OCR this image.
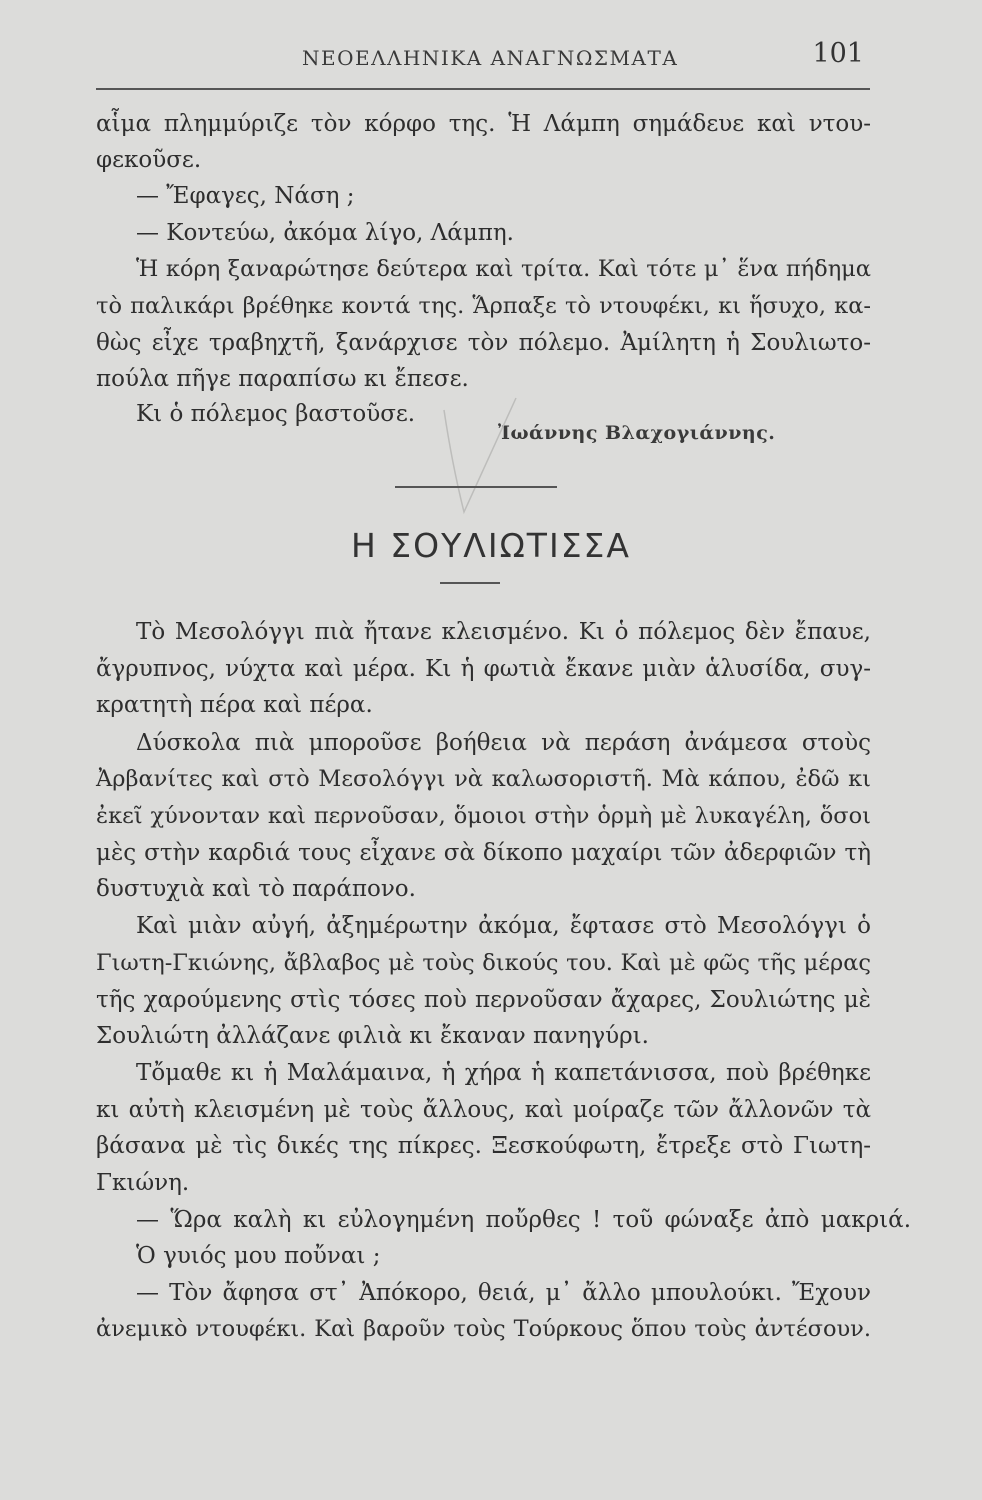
ΝΕΟΕΛΛΗΝΙΚΑ ΑΝΑΓΝΩΣΜΑΤΑ	101
αἷμα πλημμύριζε τὸν κόρφο της. Ἡ Λάμπη σημάδευε καὶ ντου-
φεκοῦσε.
— Ἔφαγες, Νάση ;
— Κοντεύω, ἀκόμα λίγο, Λάμπη.
Ἡ κόρη ξαναρώτησε δεύτερα καὶ τρίτα. Καὶ τότε μ᾿ ἕνα πήδημα
τὸ παλικάρι βρέθηκε κοντά της. Ἅρπαξε τὸ ντουφέκι, κι ἥσυχο, κα-
θὼς εἶχε τραβηχτῆ, ξανάρχισε τὸν πόλεμο. Ἀμίλητη ἡ Σουλιωτο-
πούλα πῆγε παραπίσω κι ἔπεσε.
Κι ὁ πόλεμος βαστοῦσε.
Ἰωάννης Βλαχογιάννης.
Η ΣΟΥΛΙΩΤΙΣΣΑ
Τὸ Μεσολόγγι πιὰ ἤτανε κλεισμένο. Κι ὁ πόλεμος δὲν ἔπαυε,
ἄγρυπνος, νύχτα καὶ μέρα. Κι ἡ φωτιὰ ἔκανε μιὰν ἁλυσίδα, συγ-
κρατητὴ πέρα καὶ πέρα.
Δύσκολα πιὰ μποροῦσε βοήθεια νὰ περάση ἀνάμεσα στοὺς
Ἀρβανίτες καὶ στὸ Μεσολόγγι νὰ καλωσοριστῆ. Μὰ κάπου, ἐδῶ κι
ἐκεῖ χύνονταν καὶ περνοῦσαν, ὅμοιοι στὴν ὁρμὴ μὲ λυκαγέλη, ὅσοι
μὲς στὴν καρδιά τους εἶχανε σὰ δίκοπο μαχαίρι τῶν ἀδερφιῶν τὴ
δυστυχιὰ καὶ τὸ παράπονο.
Καὶ μιὰν αὐγή, ἀξημέρωτην ἀκόμα, ἔφτασε στὸ Μεσολόγγι ὁ
Γιωτη-Γκιώνης, ἄβλαβος μὲ τοὺς δικούς του. Καὶ μὲ φῶς τῆς μέρας
τῆς χαρούμενης στὶς τόσες ποὺ περνοῦσαν ἄχαρες, Σουλιώτης μὲ
Σουλιώτη ἀλλάζανε φιλιὰ κι ἔκαναν πανηγύρι.
Τὄμαθε κι ἡ Μαλάμαινα, ἡ χήρα ἡ καπετάνισσα, ποὺ βρέθηκε
κι αὐτὴ κλεισμένη μὲ τοὺς ἄλλους, καὶ μοίραζε τῶν ἄλλονῶν τὰ
βάσανα μὲ τὶς δικές της πίκρες. Ξεσκούφωτη, ἔτρεξε στὸ Γιωτη-
Γκιώνη.
— Ὥρα καλὴ κι εὐλογημένη ποὔρθες ! τοῦ φώναξε ἀπὸ μακριά.
Ὁ γυιός μου ποὔναι ;
— Τὸν ἄφησα στ᾿ Ἀπόκορο, θειά, μ᾿ ἄλλο μπουλούκι. Ἔχουν
ἀνεμικὸ ντουφέκι. Καὶ βαροῦν τοὺς Τούρκους ὅπου τοὺς ἀντέσουν.
